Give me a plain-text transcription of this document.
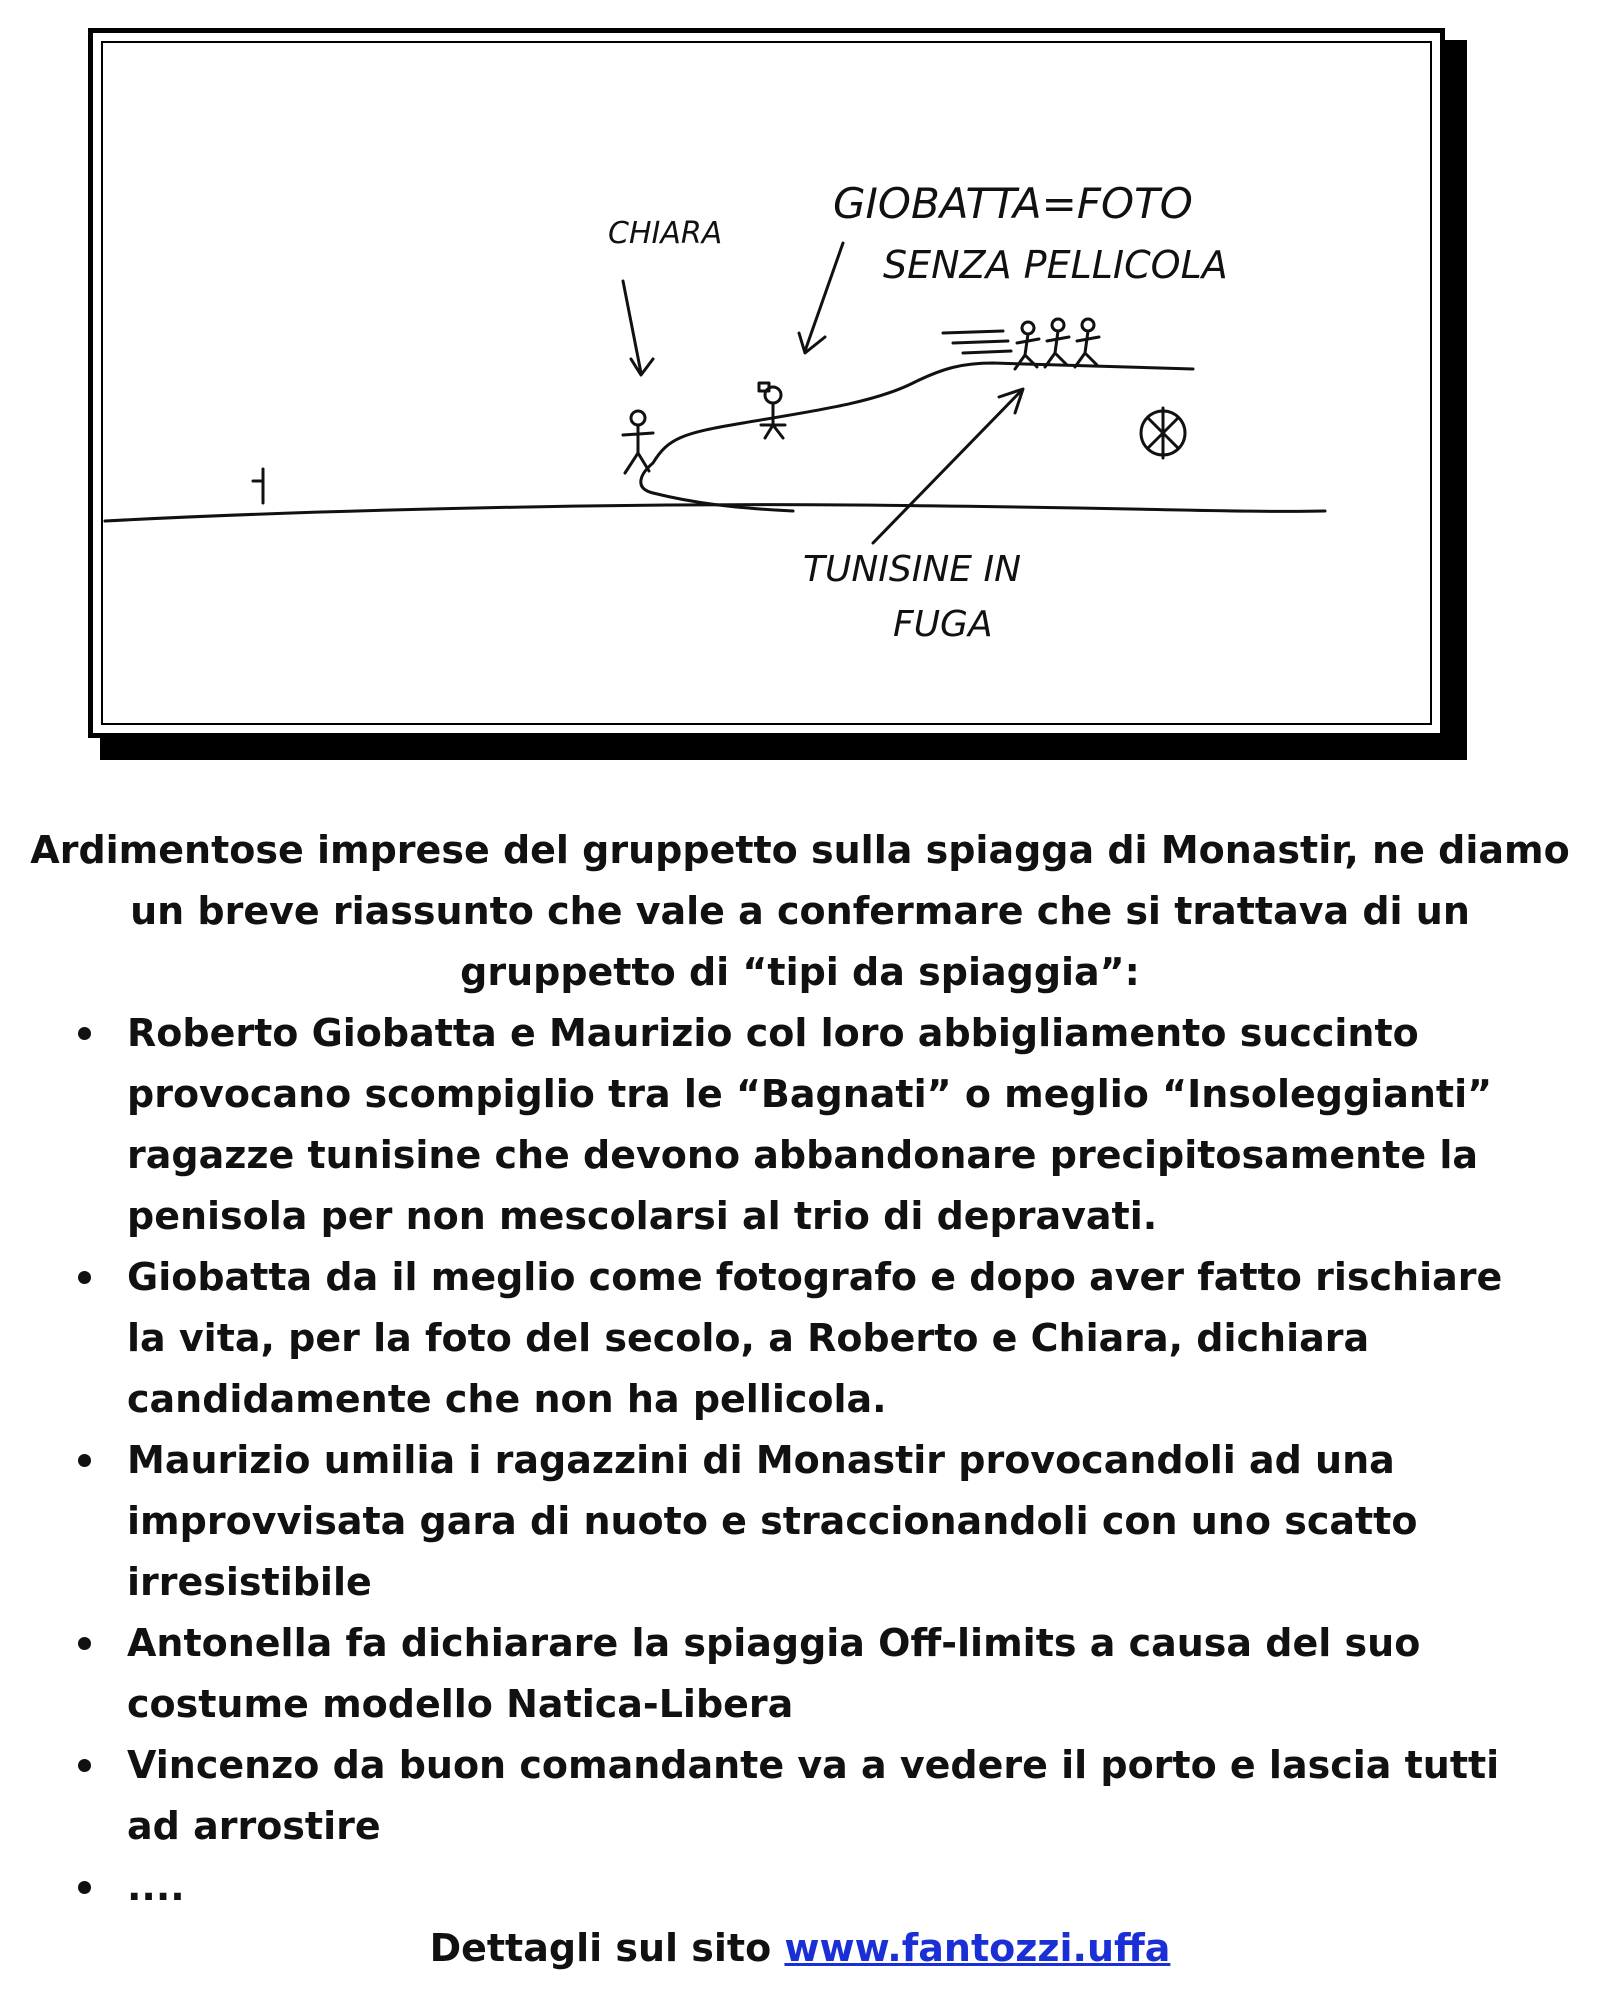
CHIARA
GIOBATTA=FOTO
SENZA PELLICOLA
TUNISINE IN
FUGA

Ardimentose imprese del gruppetto sulla spiagga di Monastir, ne diamo un breve riassunto che vale a confermare che si trattava di un gruppetto di “tipi da spiaggia”:

Roberto Giobatta e Maurizio col loro abbigliamento succinto provocano scompiglio tra le “Bagnati” o meglio “Insoleggianti” ragazze tunisine che devono abbandonare precipitosamente la penisola per non mescolarsi al trio di depravati.
Giobatta da il meglio come fotografo e dopo aver fatto rischiare la vita, per la foto del secolo, a Roberto e Chiara, dichiara candidamente che non ha pellicola.
Maurizio umilia i ragazzini di Monastir provocandoli ad una improvvisata gara di nuoto e straccionandoli con uno scatto irresistibile
Antonella fa dichiarare la spiaggia Off-limits a causa del suo costume modello Natica-Libera
Vincenzo da buon comandante va a vedere il porto e lascia tutti ad arrostire
....
Dettagli sul sito www.fantozzi.uffa
